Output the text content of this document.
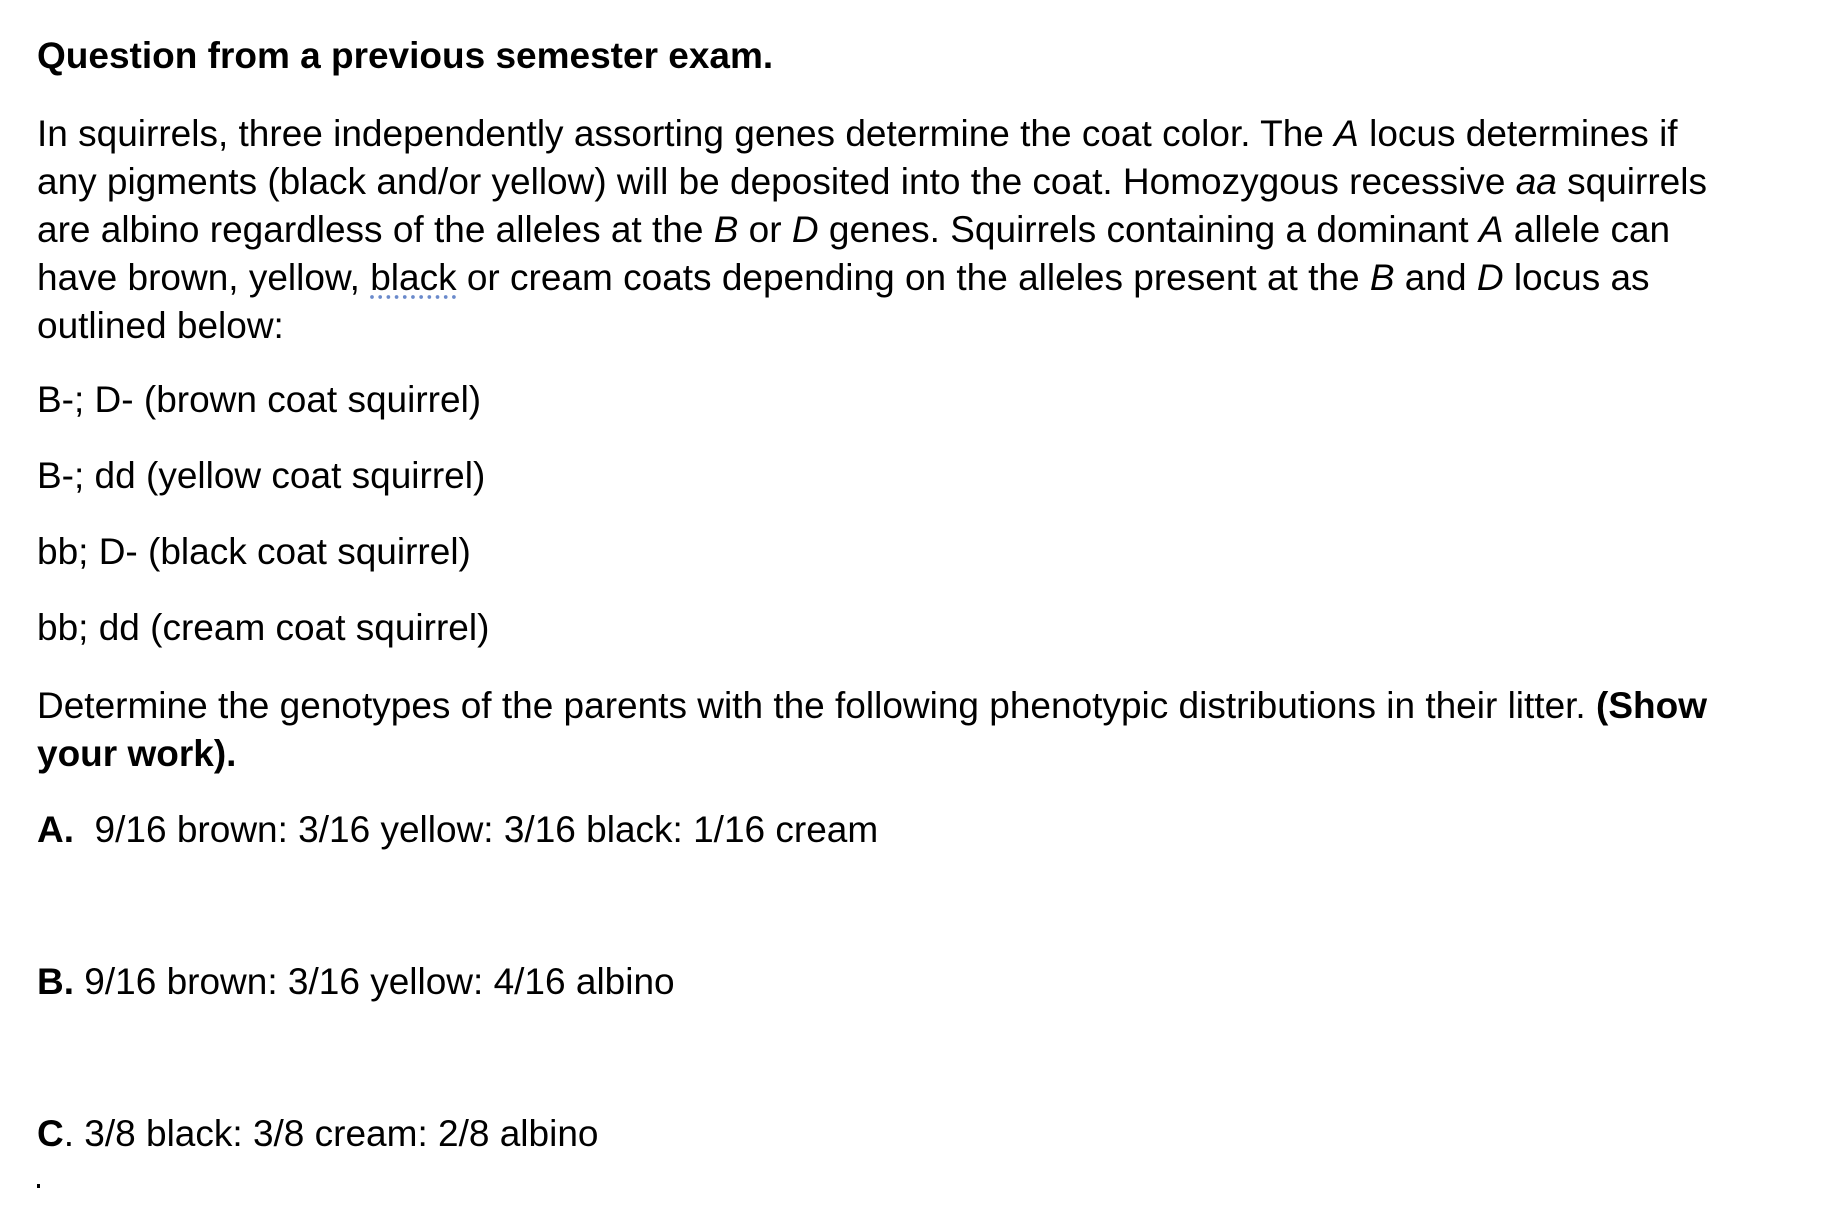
Question from a previous semester exam.
In squirrels, three independently assorting genes determine the coat color. The A locus determines if
any pigments (black and/or yellow) will be deposited into the coat. Homozygous recessive aa squirrels
are albino regardless of the alleles at the B or D genes. Squirrels containing a dominant A allele can
have brown, yellow, black or cream coats depending on the alleles present at the B and D locus as
outlined below:
B-; D- (brown coat squirrel)
B-; dd (yellow coat squirrel)
bb; D- (black coat squirrel)
bb; dd (cream coat squirrel)
Determine the genotypes of the parents with the following phenotypic distributions in their litter. (Show
your work).
A.  9/16 brown: 3/16 yellow: 3/16 black: 1/16 cream
B. 9/16 brown: 3/16 yellow: 4/16 albino
C. 3/8 black: 3/8 cream: 2/8 albino
